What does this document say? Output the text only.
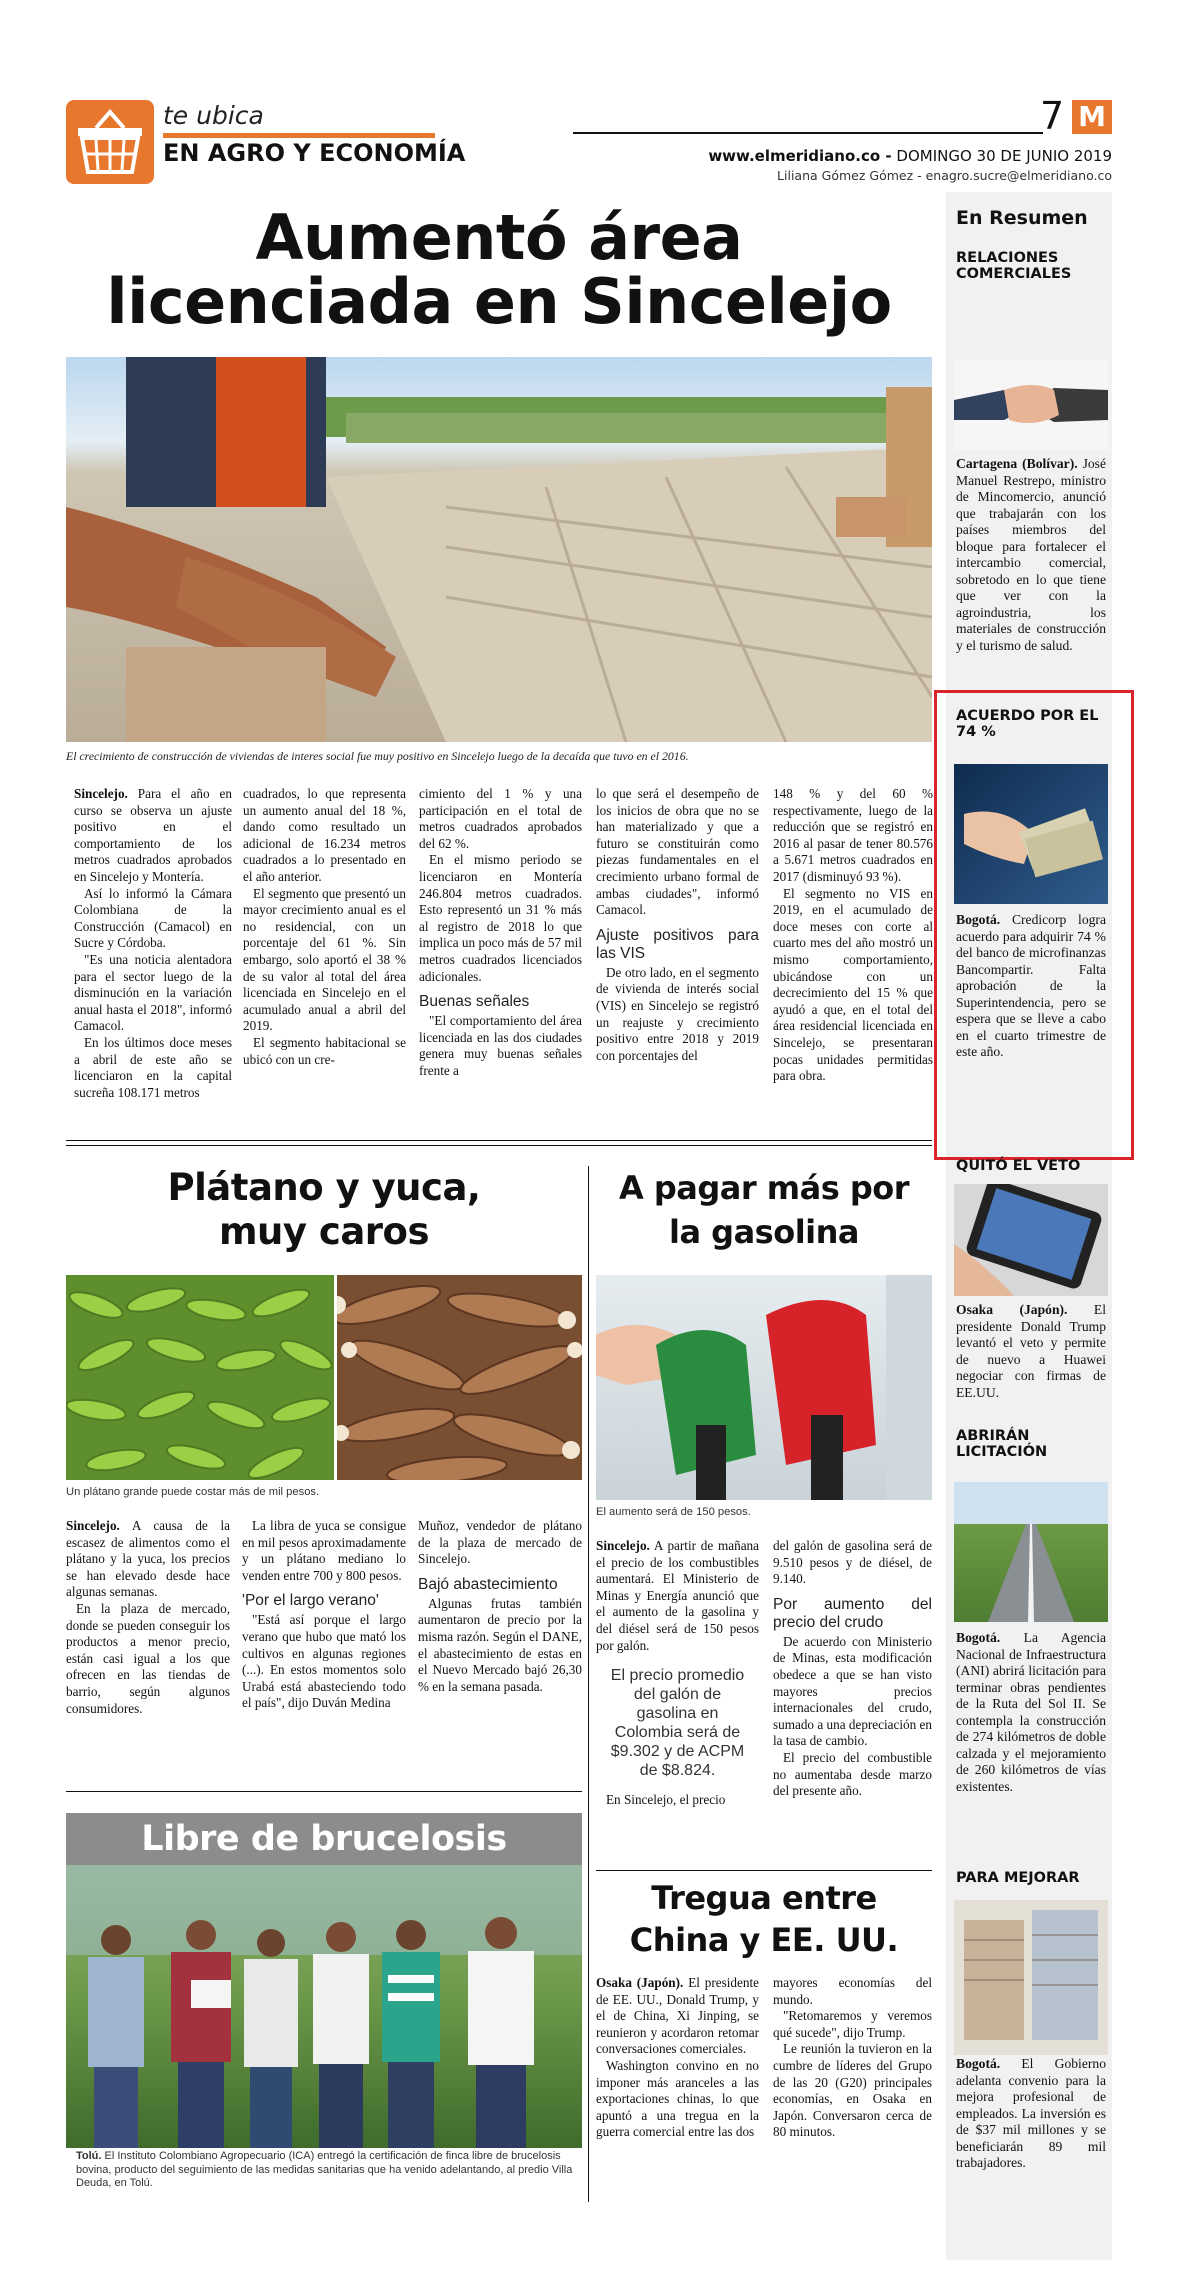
te ubica
EN AGRO Y ECONOMÍA
7 M
www.elmeridiano.co - DOMINGO 30 DE JUNIO 2019
Liliana Gómez Gómez - enagro.sucre@elmeridiano.co
Aumentó área
licenciada en Sincelejo
El crecimiento de construcción de viviendas de interes social fue muy positivo en Sincelejo luego de la decaída que tuvo en el 2016.

Sincelejo. Para el año en curso se observa un ajuste positivo en el comportamiento de los metros cuadrados aprobados en Sincelejo y Montería.

Así lo informó la Cámara Colombiana de la Construcción (Camacol) en Sucre y Córdoba.

"Es una noticia alentadora para el sector luego de la disminución en la variación anual hasta el 2018", informó Camacol.

En los últimos doce meses a abril de este año se licenciaron en la capital sucreña 108.171 metros

cuadrados, lo que representa un aumento anual del 18 %, dando como resultado un adicional de 16.234 metros cuadrados a lo presentado en el año anterior.

El segmento que presentó un mayor crecimiento anual es el no residencial, con un porcentaje del 61 %. Sin embargo, solo aportó el 38 % de su valor al total del área licenciada en Sincelejo en el acumulado anual a abril del 2019.

El segmento habitacional se ubicó con un cre-

cimiento del 1 % y una participación en el total de metros cuadrados aprobados del 62 %.

En el mismo periodo se licenciaron en Montería 246.804 metros cuadrados. Esto representó un 31 % más al registro de 2018 lo que implica un poco más de 57 mil metros cuadrados licenciados adicionales.

Buenas señales

"El comportamiento del área licenciada en las dos ciudades genera muy buenas señales frente a

lo que será el desempeño de los inicios de obra que no se han materializado y que a futuro se constituirán como piezas fundamentales en el crecimiento urbano formal de ambas ciudades", informó Camacol.

Ajuste positivos para las VIS

De otro lado, en el segmento de vivienda de interés social (VIS) en Sincelejo se registró un reajuste y crecimiento positivo entre 2018 y 2019 con porcentajes del

148 % y del 60 % respectivamente, luego de la reducción que se registró en 2016 al pasar de tener 80.576 a 5.671 metros cuadrados en 2017 (disminuyó 93 %).

El segmento no VIS en 2019, en el acumulado de doce meses con corte al cuarto mes del año mostró un mismo comportamiento, ubicándose con un decrecimiento del 15 % que ayudó a que, en el total del área residencial licenciada en Sincelejo, se presentaran pocas unidades permitidas para obra.

Plátano y yuca,
muy caros
Un plátano grande puede costar más de mil pesos.

Sincelejo. A causa de la escasez de alimentos como el plátano y la yuca, los precios se han elevado desde hace algunas semanas.

En la plaza de mercado, donde se pueden conseguir los productos a menor precio, están casi igual a los que ofrecen en las tiendas de barrio, según algunos consumidores.

La libra de yuca se consigue en mil pesos aproximadamente y un plátano mediano lo venden entre 700 y 800 pesos.

'Por el largo verano'

"Está así porque el largo verano que hubo que mató los cultivos en algunas regiones (...). En estos momentos solo Urabá está abasteciendo todo el país", dijo Duván Medina

Muñoz, vendedor de plátano de la plaza de mercado de Sincelejo.

Bajó abastecimiento

Algunas frutas también aumentaron de precio por la misma razón. Según el DANE, el abastecimiento de estas en el Nuevo Mercado bajó 26,30 % en la semana pasada.

A pagar más por
la gasolina
El aumento será de 150 pesos.

Sincelejo. A partir de mañana el precio de los combustibles aumentará. El Ministerio de Minas y Energía anunció que el aumento de la gasolina y del diésel será de 150 pesos por galón.

El precio promedio del galón de gasolina en Colombia será de $9.302 y de ACPM de $8.824.

En Sincelejo, el precio

del galón de gasolina será de 9.510 pesos y de diésel, de 9.140.

Por aumento del precio del crudo

De acuerdo con Ministerio de Minas, esta modificación obedece a que se han visto mayores precios internacionales del crudo, sumado a una depreciación en la tasa de cambio.

El precio del combustible no aumentaba desde marzo del presente año.

Libre de brucelosis
Tolú. El Instituto Colombiano Agropecuario (ICA) entregó la certificación de finca libre de brucelosis bovina, producto del seguimiento de las medidas sanitarias que ha venido adelantando, al predio Villa Deuda, en Tolú.
Tregua entre
China y EE. UU.

Osaka (Japón). El presidente de EE. UU., Donald Trump, y el de China, Xi Jinping, se reunieron y acordaron retomar conversaciones comerciales.

Washington convino en no imponer más aranceles a las exportaciones chinas, lo que apuntó a una tregua en la guerra comercial entre las dos

mayores economías del mundo.

"Retomaremos y veremos qué sucede", dijo Trump.

Le reunión la tuvieron en la cumbre de líderes del Grupo de las 20 (G20) principales economías, en Osaka en Japón. Conversaron cerca de 80 minutos.

En Resumen
RELACIONES COMERCIALES
Cartagena (Bolívar). José Manuel Restrepo, ministro de Mincomercio, anunció que trabajarán con los países miembros del bloque para fortalecer el intercambio comercial, sobretodo en lo que tiene que ver con la agroindustria, los materiales de construcción y el turismo de salud.
ACUERDO POR EL 74 %
Bogotá. Credicorp logra acuerdo para adquirir 74 % del banco de microfinanzas Bancompartir. Falta aprobación de la Superintendencia, pero se espera que se lleve a cabo en el cuarto trimestre de este año.
QUITÓ EL VETO
Osaka (Japón). El presidente Donald Trump levantó el veto y permite de nuevo a Huawei negociar con firmas de EE.UU.
ABRIRÁN LICITACIÓN
Bogotá. La Agencia Nacional de Infraestructura (ANI) abrirá licitación para terminar obras pendientes de la Ruta del Sol II. Se contempla la construcción de 274 kilómetros de doble calzada y el mejoramiento de 260 kilómetros de vías existentes.
PARA MEJORAR
Bogotá. El Gobierno adelanta convenio para la mejora profesional de empleados. La inversión es de $37 mil millones y se beneficiarán 89 mil trabajadores.
